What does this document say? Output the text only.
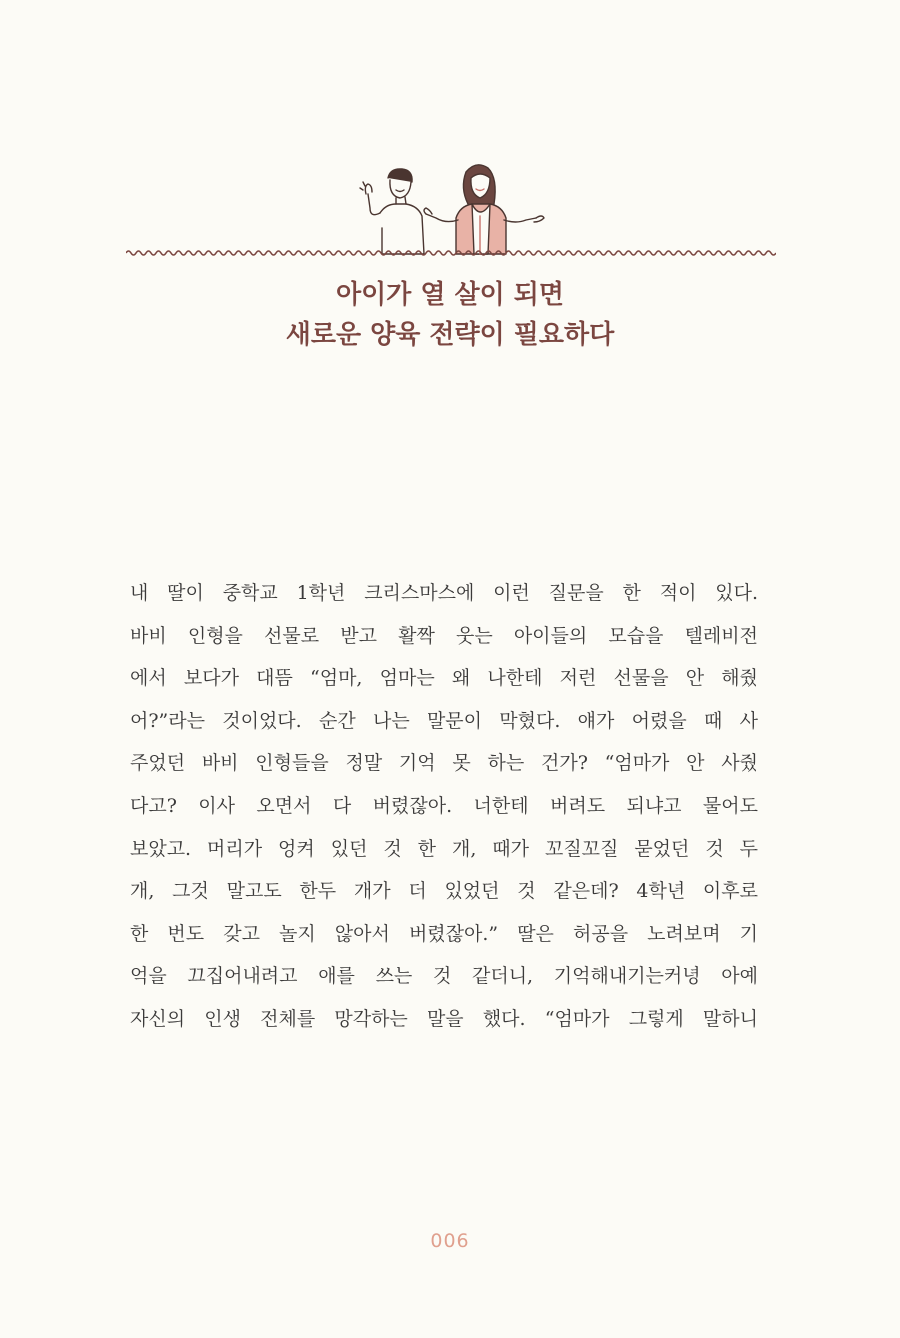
아이가 열 살이 되면
새로운 양육 전략이 필요하다
내 딸이 중학교 1학년 크리스마스에 이런 질문을 한 적이 있다.
바비 인형을 선물로 받고 활짝 웃는 아이들의 모습을 텔레비전
에서 보다가 대뜸 “엄마, 엄마는 왜 나한테 저런 선물을 안 해줬
어?”라는 것이었다. 순간 나는 말문이 막혔다. 얘가 어렸을 때 사
주었던 바비 인형들을 정말 기억 못 하는 건가? “엄마가 안 사줬
다고? 이사 오면서 다 버렸잖아. 너한테 버려도 되냐고 물어도
보았고. 머리가 엉켜 있던 것 한 개, 때가 꼬질꼬질 묻었던 것 두
개, 그것 말고도 한두 개가 더 있었던 것 같은데? 4학년 이후로
한 번도 갖고 놀지 않아서 버렸잖아.” 딸은 허공을 노려보며 기
억을 끄집어내려고 애를 쓰는 것 같더니, 기억해내기는커녕 아예
자신의 인생 전체를 망각하는 말을 했다. “엄마가 그렇게 말하니
006
